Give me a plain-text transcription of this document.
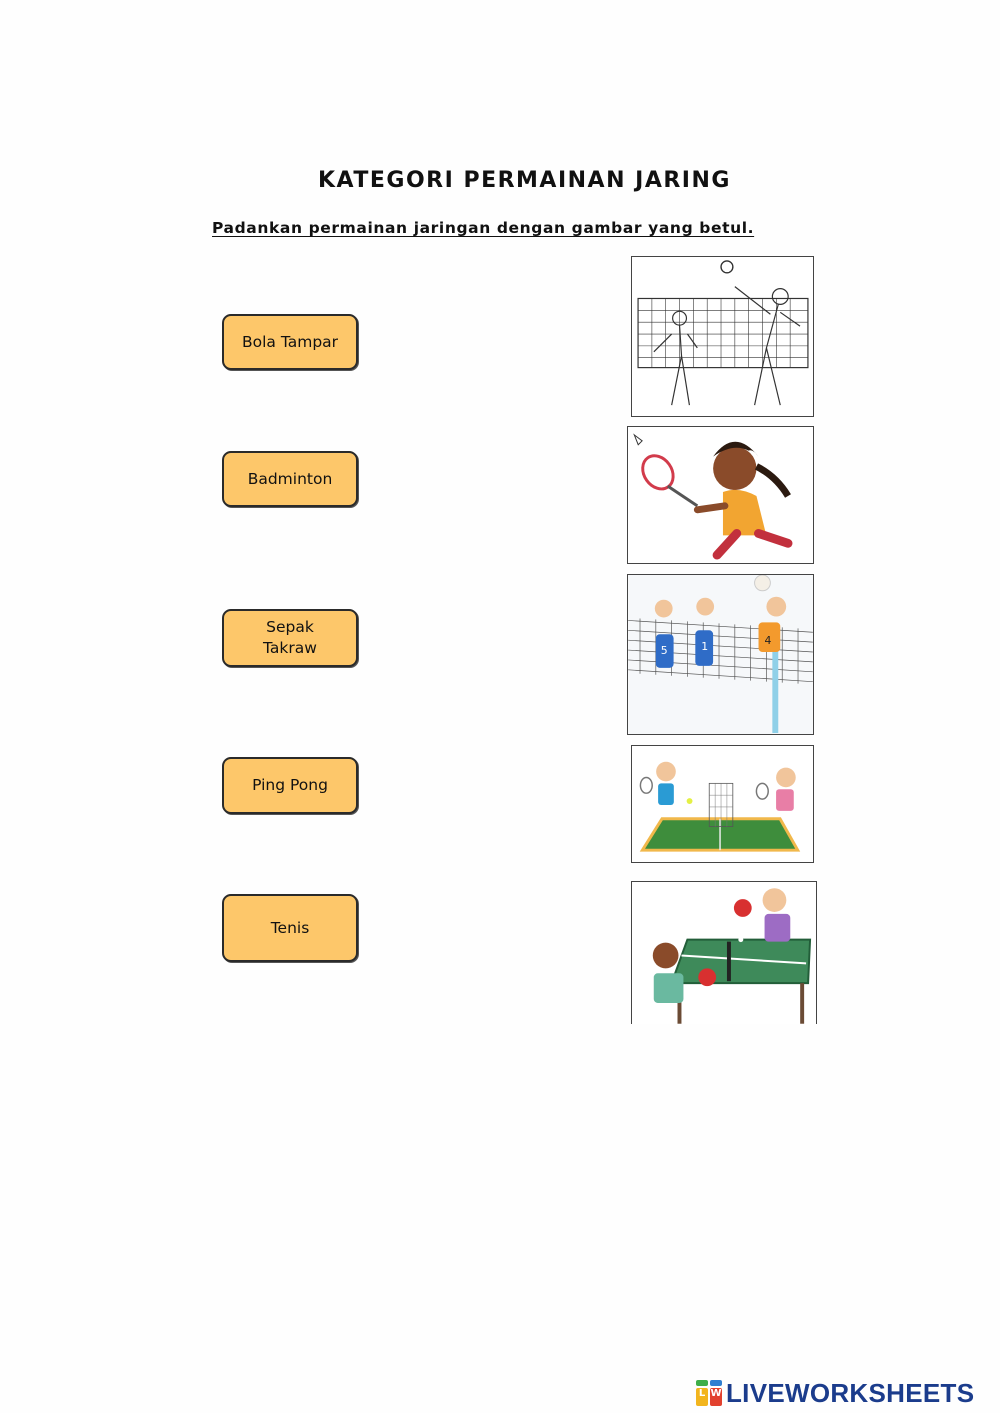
KATEGORI PERMAINAN JARING
Padankan permainan jaringan dengan gambar yang betul.
Bola Tampar
Badminton
Sepak
Takraw
Ping Pong
Tenis
5	1	4
L W LIVEWORKSHEETS
